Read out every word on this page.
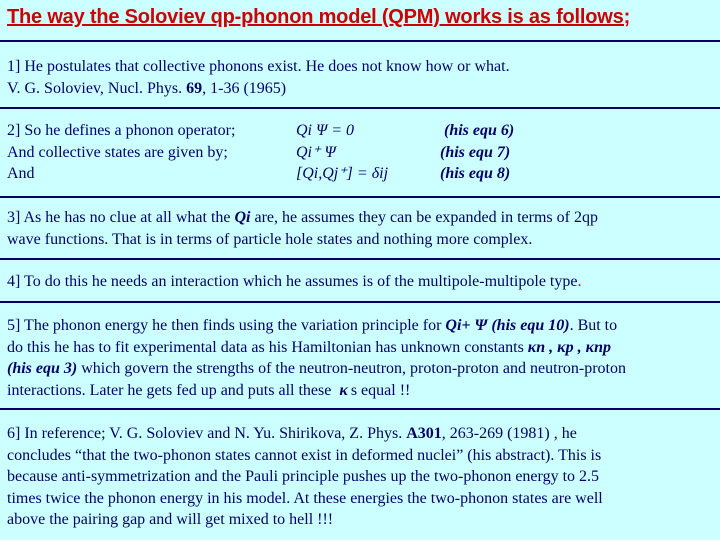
The way the Soloviev qp-phonon model (QPM) works is as follows;
1] He postulates that collective phonons exist. He does not know how or what.
V. G. Soloviev, Nucl. Phys. 69, 1-36 (1965)
2] So he defines a phonon operator;
And collective states are given by;
And
Qi Ψ = 0
Qi⁺ Ψ
[Qi,Qj⁺] = δij
(his equ 6)
(his equ 7)
(his equ 8)
3] As he has no clue at all what the Qi are, he assumes they can be expanded in terms of 2qp
wave functions. That is in terms of particle hole states and nothing more complex.
4] To do this he needs an interaction which he assumes is of the multipole-multipole type.
5] The phonon energy he then finds using the variation principle for Qi+ Ψ (his equ 10). But to
do this he has to fit experimental data as his Hamiltonian has unknown constants κn , κp , κnp
(his equ 3) which govern the strengths of the neutron-neutron, proton-proton and neutron-proton
interactions. Later he gets fed up and puts all these κ s equal !!
6] In reference; V. G. Soloviev and N. Yu. Shirikova, Z. Phys. A301, 263-269 (1981) , he
concludes “that the two-phonon states cannot exist in deformed nuclei” (his abstract). This is
because anti-symmetrization and the Pauli principle pushes up the two-phonon energy to 2.5
times twice the phonon energy in his model. At these energies the two-phonon states are well
above the pairing gap and will get mixed to hell !!!
